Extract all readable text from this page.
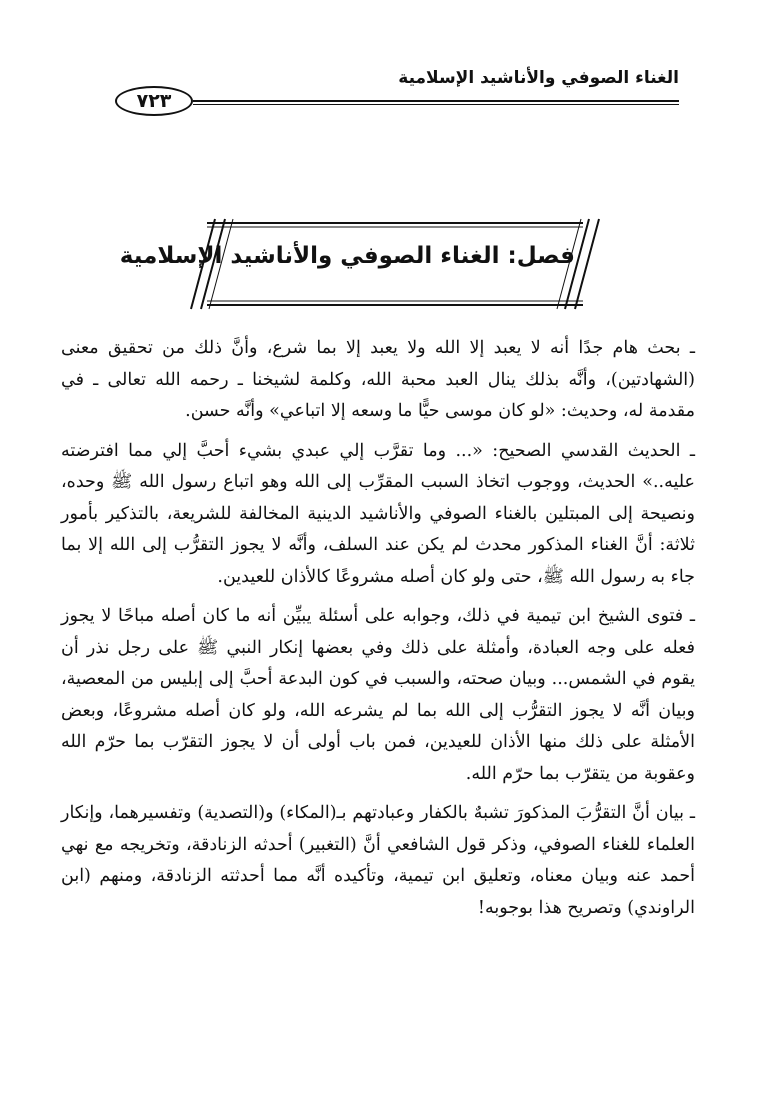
الغناء الصوفي والأناشيد الإسلامية
٧٢٣
فصل: الغناء الصوفي والأناشيد الإسلامية

ـ بحث هام جدًا أنه لا يعبد إلا الله ولا يعبد إلا بما شرع، وأنَّ ذلك من تحقيق معنى (الشهادتين)، وأنَّه بذلك ينال العبد محبة الله، وكلمة لشيخنا ـ رحمه الله تعالى ـ في مقدمة له، وحديث: «لو كان موسى حيًّا ما وسعه إلا اتباعي» وأنَّه حسن.

ـ الحديث القدسي الصحيح: «... وما تقرَّب إلي عبدي بشيء أحبَّ إلي مما افترضته عليه..» الحديث، ووجوب اتخاذ السبب المقرِّب إلى الله وهو اتباع رسول الله ﷺ وحده، ونصيحة إلى المبتلين بالغناء الصوفي والأناشيد الدينية المخالفة للشريعة، بالتذكير بأمور ثلاثة: أنَّ الغناء المذكور محدث لم يكن عند السلف، وأنَّه لا يجوز التقرُّب إلى الله إلا بما جاء به رسول الله ﷺ، حتى ولو كان أصله مشروعًا كالأذان للعيدين.

ـ فتوى الشيخ ابن تيمية في ذلك، وجوابه على أسئلة يبيِّن أنه ما كان أصله مباحًا لا يجوز فعله على وجه العبادة، وأمثلة على ذلك وفي بعضها إنكار النبي ﷺ على رجل نذر أن يقوم في الشمس... وبيان صحته، والسبب في كون البدعة أحبَّ إلى إبليس من المعصية، وبيان أنَّه لا يجوز التقرُّب إلى الله بما لم يشرعه الله، ولو كان أصله مشروعًا، وبعض الأمثلة على ذلك منها الأذان للعيدين، فمن باب أولى أن لا يجوز التقرّب بما حرّم الله وعقوبة من يتقرّب بما حرّم الله.

ـ بيان أنَّ التقرُّبَ المذكورَ تشبهٌ بالكفار وعبادتهم بـ(المكاء) و(التصدية) وتفسيرهما، وإنكار العلماء للغناء الصوفي، وذكر قول الشافعي أنَّ (التغبير) أحدثه الزنادقة، وتخريجه مع نهي أحمد عنه وبيان معناه، وتعليق ابن تيمية، وتأكيده أنَّه مما أحدثته الزنادقة، ومنهم (ابن الراوندي) وتصريح هذا بوجوبه!
